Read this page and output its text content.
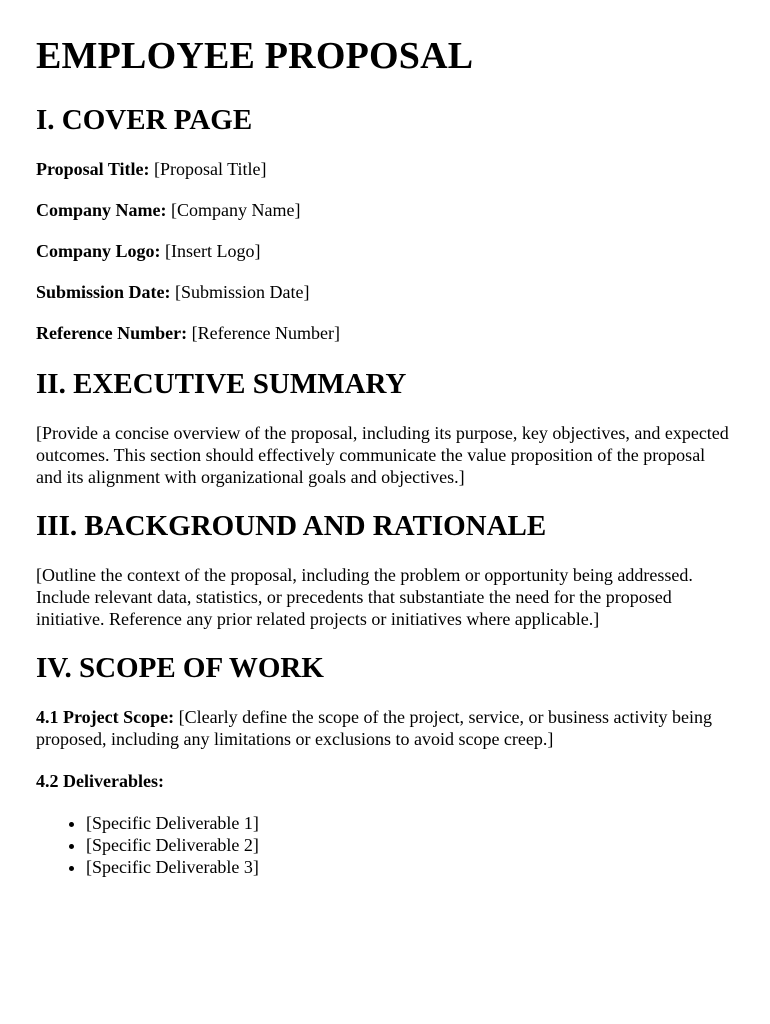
EMPLOYEE PROPOSAL
I. COVER PAGE
Proposal Title: [Proposal Title]
Company Name: [Company Name]
Company Logo: [Insert Logo]
Submission Date: [Submission Date]
Reference Number: [Reference Number]
II. EXECUTIVE SUMMARY
[Provide a concise overview of the proposal, including its purpose, key objectives, and expected outcomes. This section should effectively communicate the value proposition of the proposal and its alignment with organizational goals and objectives.]
III. BACKGROUND AND RATIONALE
[Outline the context of the proposal, including the problem or opportunity being addressed. Include relevant data, statistics, or precedents that substantiate the need for the proposed initiative. Reference any prior related projects or initiatives where applicable.]
IV. SCOPE OF WORK
4.1 Project Scope: [Clearly define the scope of the project, service, or business activity being proposed, including any limitations or exclusions to avoid scope creep.]
4.2 Deliverables:
• [Specific Deliverable 1]
• [Specific Deliverable 2]
• [Specific Deliverable 3]
